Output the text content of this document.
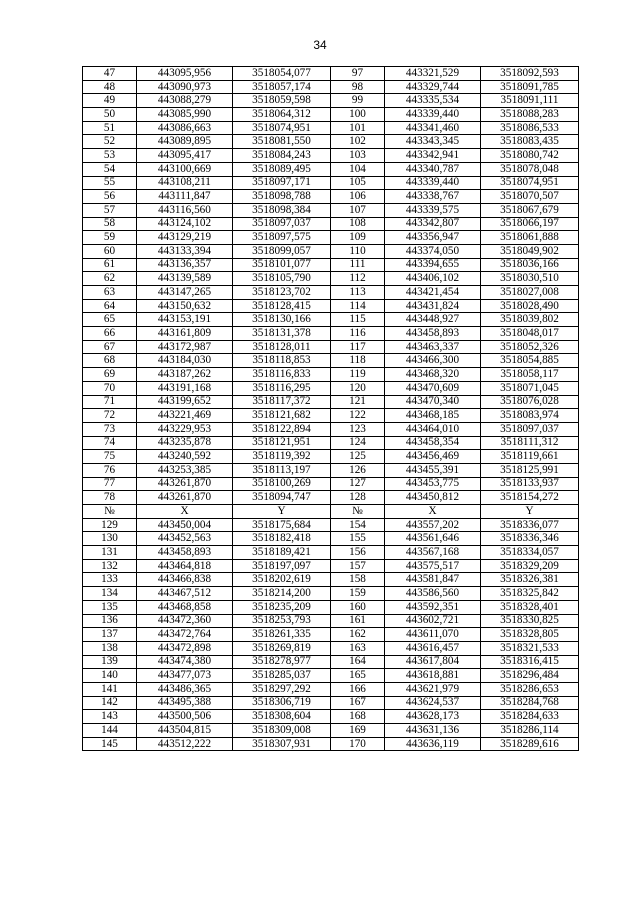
34
47	443095,956	3518054,077	97	443321,529	3518092,593
48	443090,973	3518057,174	98	443329,744	3518091,785
49	443088,279	3518059,598	99	443335,534	3518091,111
50	443085,990	3518064,312	100	443339,440	3518088,283
51	443086,663	3518074,951	101	443341,460	3518086,533
52	443089,895	3518081,550	102	443343,345	3518083,435
53	443095,417	3518084,243	103	443342,941	3518080,742
54	443100,669	3518089,495	104	443340,787	3518078,048
55	443108,211	3518097,171	105	443339,440	3518074,951
56	443111,847	3518098,788	106	443338,767	3518070,507
57	443116,560	3518098,384	107	443339,575	3518067,679
58	443124,102	3518097,037	108	443342,807	3518066,197
59	443129,219	3518097,575	109	443356,947	3518061,888
60	443133,394	3518099,057	110	443374,050	3518049,902
61	443136,357	3518101,077	111	443394,655	3518036,166
62	443139,589	3518105,790	112	443406,102	3518030,510
63	443147,265	3518123,702	113	443421,454	3518027,008
64	443150,632	3518128,415	114	443431,824	3518028,490
65	443153,191	3518130,166	115	443448,927	3518039,802
66	443161,809	3518131,378	116	443458,893	3518048,017
67	443172,987	3518128,011	117	443463,337	3518052,326
68	443184,030	3518118,853	118	443466,300	3518054,885
69	443187,262	3518116,833	119	443468,320	3518058,117
70	443191,168	3518116,295	120	443470,609	3518071,045
71	443199,652	3518117,372	121	443470,340	3518076,028
72	443221,469	3518121,682	122	443468,185	3518083,974
73	443229,953	3518122,894	123	443464,010	3518097,037
74	443235,878	3518121,951	124	443458,354	3518111,312
75	443240,592	3518119,392	125	443456,469	3518119,661
76	443253,385	3518113,197	126	443455,391	3518125,991
77	443261,870	3518100,269	127	443453,775	3518133,937
78	443261,870	3518094,747	128	443450,812	3518154,272
№	X	Y	№	X	Y
129	443450,004	3518175,684	154	443557,202	3518336,077
130	443452,563	3518182,418	155	443561,646	3518336,346
131	443458,893	3518189,421	156	443567,168	3518334,057
132	443464,818	3518197,097	157	443575,517	3518329,209
133	443466,838	3518202,619	158	443581,847	3518326,381
134	443467,512	3518214,200	159	443586,560	3518325,842
135	443468,858	3518235,209	160	443592,351	3518328,401
136	443472,360	3518253,793	161	443602,721	3518330,825
137	443472,764	3518261,335	162	443611,070	3518328,805
138	443472,898	3518269,819	163	443616,457	3518321,533
139	443474,380	3518278,977	164	443617,804	3518316,415
140	443477,073	3518285,037	165	443618,881	3518296,484
141	443486,365	3518297,292	166	443621,979	3518286,653
142	443495,388	3518306,719	167	443624,537	3518284,768
143	443500,506	3518308,604	168	443628,173	3518284,633
144	443504,815	3518309,008	169	443631,136	3518286,114
145	443512,222	3518307,931	170	443636,119	3518289,616
